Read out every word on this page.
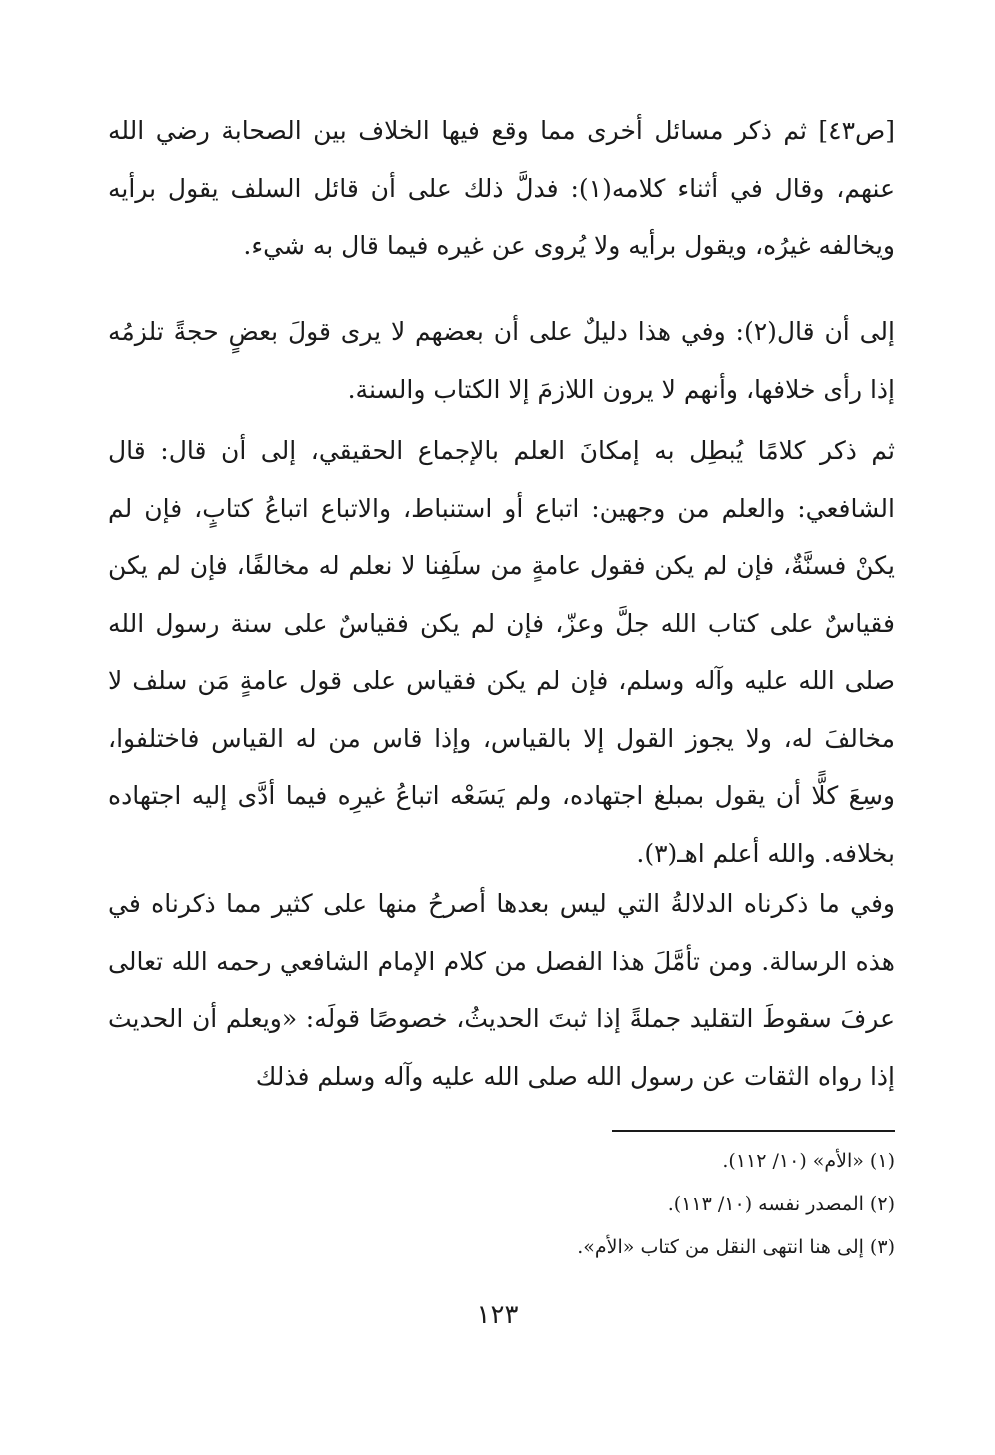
[ص٤٣] ثم ذكر مسائل أخرى مما وقع فيها الخلاف بين الصحابة رضي الله عنهم، وقال في أثناء كلامه(١): فدلَّ ذلك على أن قائل السلف يقول برأيه ويخالفه غيرُه، ويقول برأيه ولا يُروى عن غيره فيما قال به شيء.

إلى أن قال(٢): وفي هذا دليلٌ على أن بعضهم لا يرى قولَ بعضٍ حجةً تلزمُه إذا رأى خلافها، وأنهم لا يرون اللازمَ إلا الكتاب والسنة.

ثم ذكر كلامًا يُبطِل به إمكانَ العلم بالإجماع الحقيقي، إلى أن قال: قال الشافعي: والعلم من وجهين: اتباع أو استنباط، والاتباع اتباعُ كتابٍ، فإن لم يكنْ فسنَّةٌ، فإن لم يكن فقول عامةٍ من سلَفِنا لا نعلم له مخالفًا، فإن لم يكن فقياسٌ على كتاب الله جلَّ وعزّ، فإن لم يكن فقياسٌ على سنة رسول الله صلى الله عليه وآله وسلم، فإن لم يكن فقياس على قول عامةٍ مَن سلف لا مخالفَ له، ولا يجوز القول إلا بالقياس، وإذا قاس من له القياس فاختلفوا، وسِعَ كلًّا أن يقول بمبلغ اجتهاده، ولم يَسَعْه اتباعُ غيرِه فيما أدَّى إليه اجتهاده بخلافه. والله أعلم اهـ(٣).

وفي ما ذكرناه الدلالةُ التي ليس بعدها أصرحُ منها على كثير مما ذكرناه في هذه الرسالة. ومن تأمَّلَ هذا الفصل من كلام الإمام الشافعي رحمه الله تعالى عرفَ سقوطَ التقليد جملةً إذا ثبتَ الحديثُ، خصوصًا قولَه: «ويعلم أن الحديث إذا رواه الثقات عن رسول الله صلى الله عليه وآله وسلم فذلك

(١) «الأم» (١٠/ ١١٢).
(٢) المصدر نفسه (١٠/ ١١٣).
(٣) إلى هنا انتهى النقل من كتاب «الأم».
١٢٣
